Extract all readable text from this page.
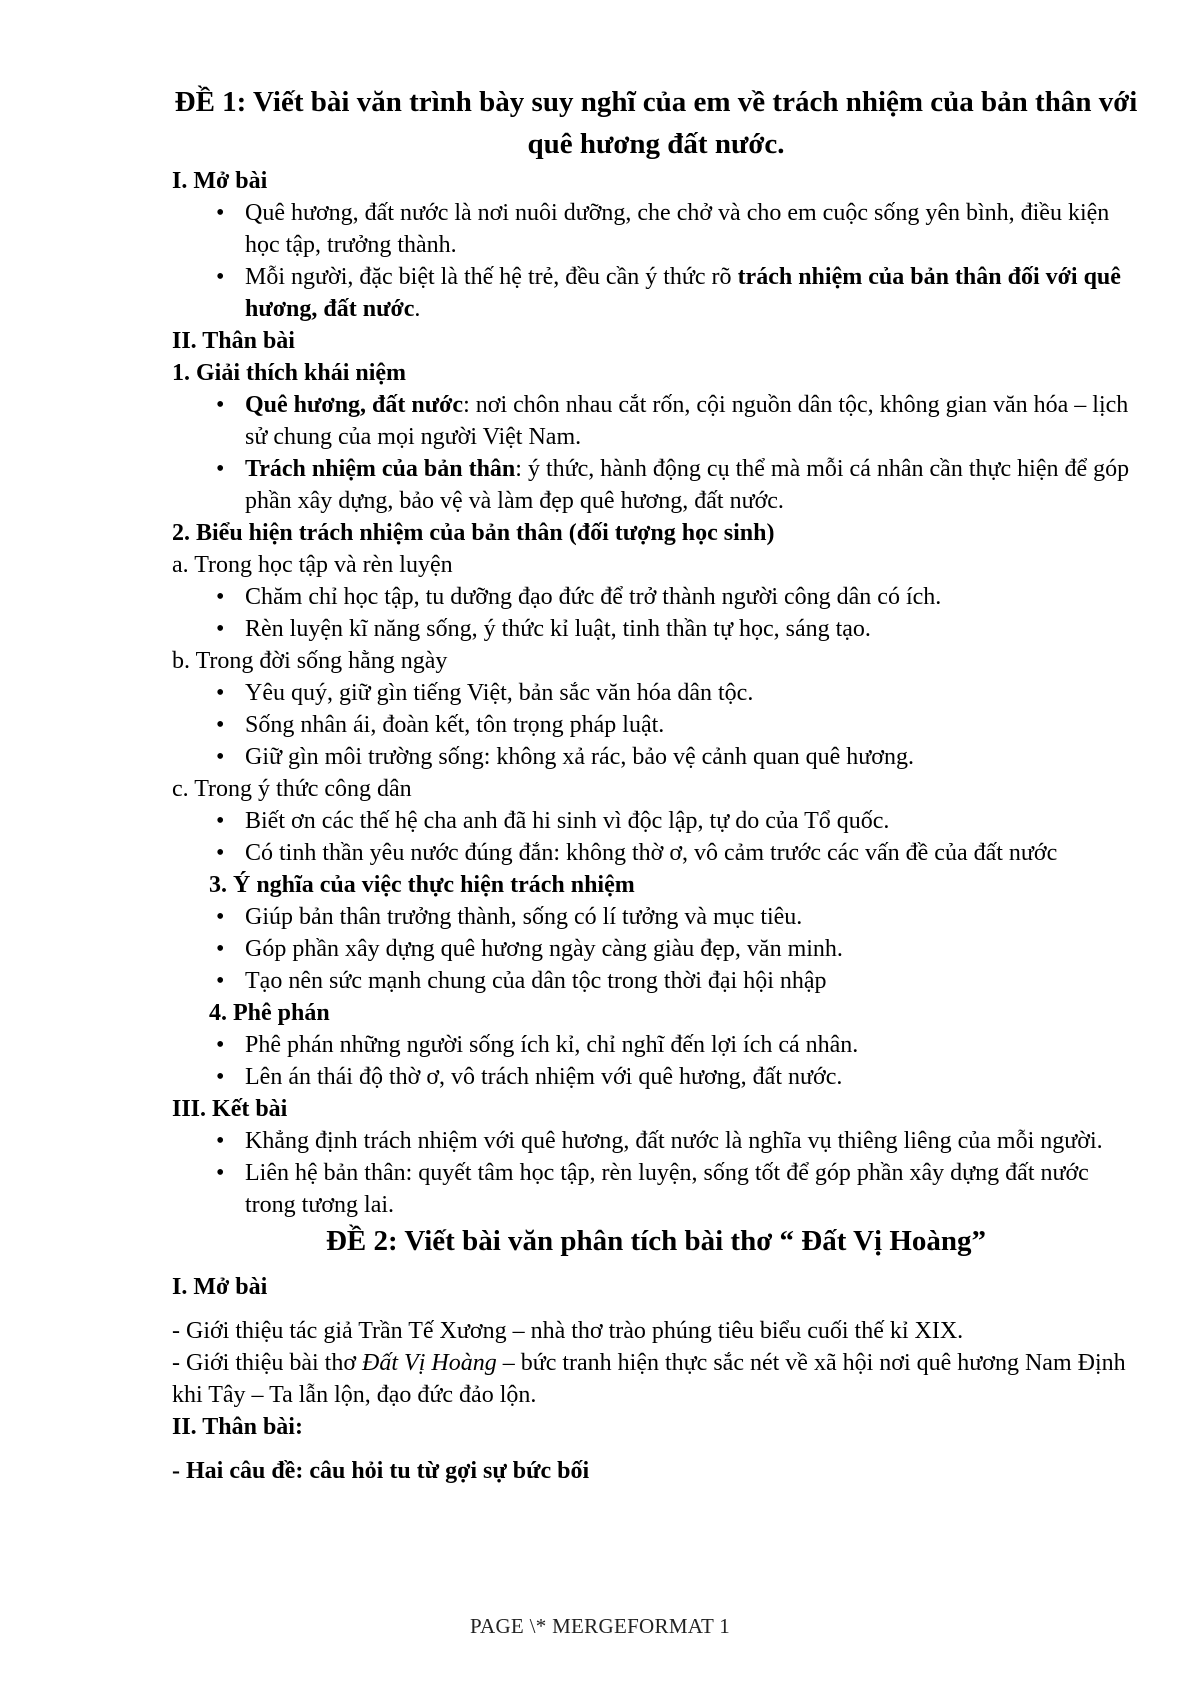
ĐỀ 1: Viết bài văn trình bày suy nghĩ của em về trách nhiệm của bản thân với quê hương đất nước.

I. Mở bài

• Quê hương, đất nước là nơi nuôi dưỡng, che chở và cho em cuộc sống yên bình, điều kiện học tập, trưởng thành.
• Mỗi người, đặc biệt là thế hệ trẻ, đều cần ý thức rõ trách nhiệm của bản thân đối với quê hương, đất nước.

II. Thân bài

1. Giải thích khái niệm

• Quê hương, đất nước: nơi chôn nhau cắt rốn, cội nguồn dân tộc, không gian văn hóa – lịch sử chung của mọi người Việt Nam.
• Trách nhiệm của bản thân: ý thức, hành động cụ thể mà mỗi cá nhân cần thực hiện để góp phần xây dựng, bảo vệ và làm đẹp quê hương, đất nước.

2. Biểu hiện trách nhiệm của bản thân (đối tượng học sinh)

a. Trong học tập và rèn luyện

• Chăm chỉ học tập, tu dưỡng đạo đức để trở thành người công dân có ích.
• Rèn luyện kĩ năng sống, ý thức kỉ luật, tinh thần tự học, sáng tạo.

b. Trong đời sống hằng ngày

• Yêu quý, giữ gìn tiếng Việt, bản sắc văn hóa dân tộc.
• Sống nhân ái, đoàn kết, tôn trọng pháp luật.
• Giữ gìn môi trường sống: không xả rác, bảo vệ cảnh quan quê hương.

c. Trong ý thức công dân

• Biết ơn các thế hệ cha anh đã hi sinh vì độc lập, tự do của Tổ quốc.
• Có tinh thần yêu nước đúng đắn: không thờ ơ, vô cảm trước các vấn đề của đất nước

3. Ý nghĩa của việc thực hiện trách nhiệm

• Giúp bản thân trưởng thành, sống có lí tưởng và mục tiêu.
• Góp phần xây dựng quê hương ngày càng giàu đẹp, văn minh.
• Tạo nên sức mạnh chung của dân tộc trong thời đại hội nhập

4. Phê phán

• Phê phán những người sống ích kỉ, chỉ nghĩ đến lợi ích cá nhân.
• Lên án thái độ thờ ơ, vô trách nhiệm với quê hương, đất nước.

III. Kết bài

• Khẳng định trách nhiệm với quê hương, đất nước là nghĩa vụ thiêng liêng của mỗi người.
• Liên hệ bản thân: quyết tâm học tập, rèn luyện, sống tốt để góp phần xây dựng đất nước trong tương lai.

ĐỀ 2: Viết bài văn phân tích bài thơ “ Đất Vị Hoàng”

I. Mở bài

- Giới thiệu tác giả Trần Tế Xương – nhà thơ trào phúng tiêu biểu cuối thế kỉ XIX.

- Giới thiệu bài thơ Đất Vị Hoàng – bức tranh hiện thực sắc nét về xã hội nơi quê hương Nam Định khi Tây – Ta lẫn lộn, đạo đức đảo lộn.

II. Thân bài:

- Hai câu đề: câu hỏi tu từ gợi sự bức bối

PAGE \* MERGEFORMAT 1
